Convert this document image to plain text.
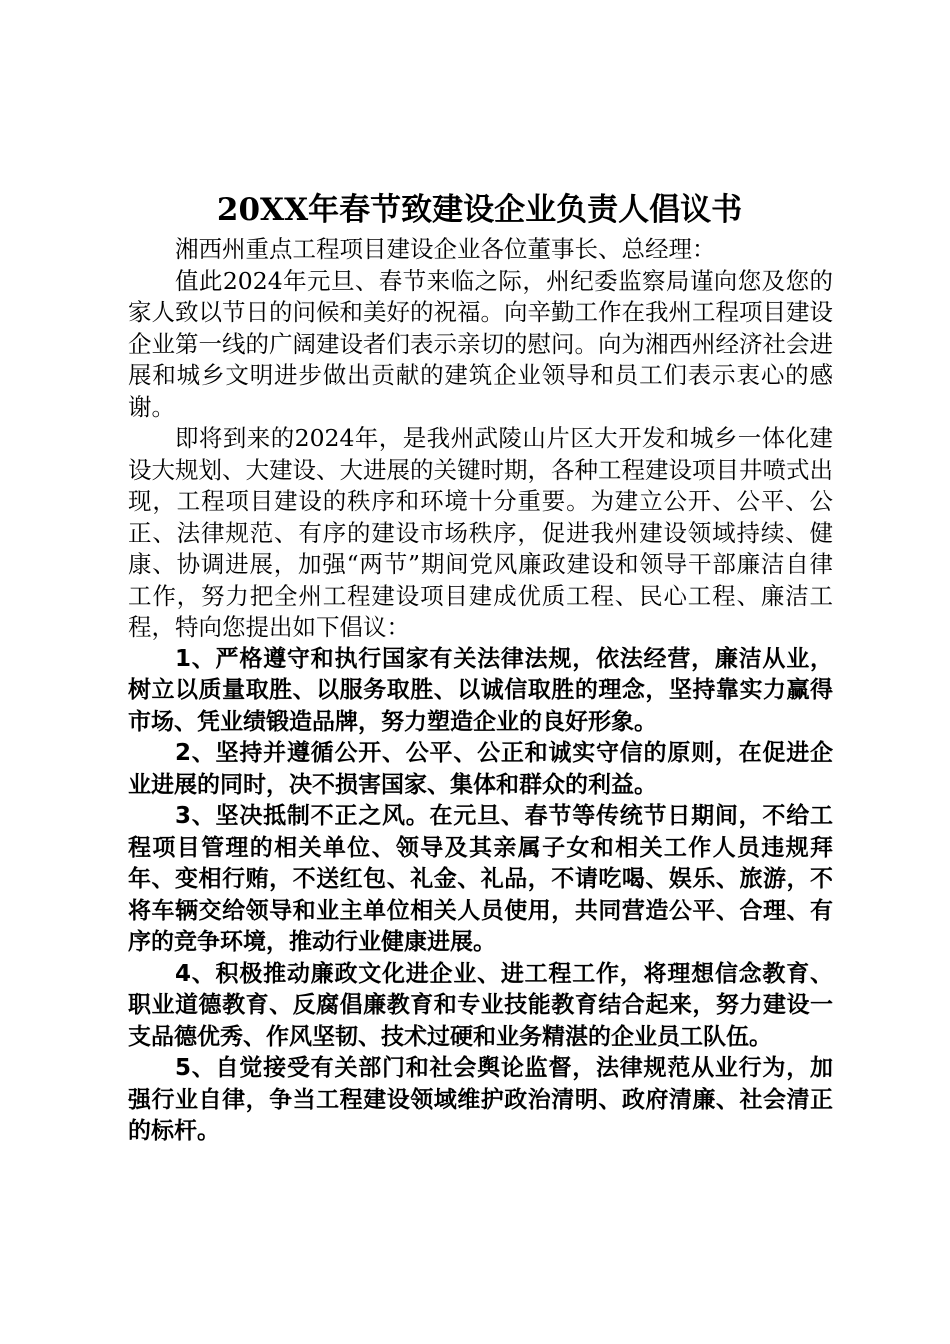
20XX年春节致建设企业负责人倡议书

湘西州重点工程项目建设企业各位董事长、总经理：

值此2024年元旦、春节来临之际，州纪委监察局谨向您及您的家人致以节日的问候和美好的祝福。向辛勤工作在我州工程项目建设企业第一线的广阔建设者们表示亲切的慰问。向为湘西州经济社会进展和城乡文明进步做出贡献的建筑企业领导和员工们表示衷心的感谢。

即将到来的2024年，是我州武陵山片区大开发和城乡一体化建设大规划、大建设、大进展的关键时期，各种工程建设项目井喷式出现，工程项目建设的秩序和环境十分重要。为建立公开、公平、公正、法律规范、有序的建设市场秩序，促进我州建设领域持续、健康、协调进展，加强“两节”期间党风廉政建设和领导干部廉洁自律工作，努力把全州工程建设项目建成优质工程、民心工程、廉洁工程，特向您提出如下倡议：

1、严格遵守和执行国家有关法律法规，依法经营，廉洁从业，树立以质量取胜、以服务取胜、以诚信取胜的理念，坚持靠实力赢得市场、凭业绩锻造品牌，努力塑造企业的良好形象。

2、坚持并遵循公开、公平、公正和诚实守信的原则，在促进企业进展的同时，决不损害国家、集体和群众的利益。

3、坚决抵制不正之风。在元旦、春节等传统节日期间，不给工程项目管理的相关单位、领导及其亲属子女和相关工作人员违规拜年、变相行贿，不送红包、礼金、礼品，不请吃喝、娱乐、旅游，不将车辆交给领导和业主单位相关人员使用，共同营造公平、合理、有序的竞争环境，推动行业健康进展。

4、积极推动廉政文化进企业、进工程工作，将理想信念教育、职业道德教育、反腐倡廉教育和专业技能教育结合起来，努力建设一支品德优秀、作风坚韧、技术过硬和业务精湛的企业员工队伍。

5、自觉接受有关部门和社会舆论监督，法律规范从业行为，加强行业自律，争当工程建设领域维护政治清明、政府清廉、社会清正的标杆。
